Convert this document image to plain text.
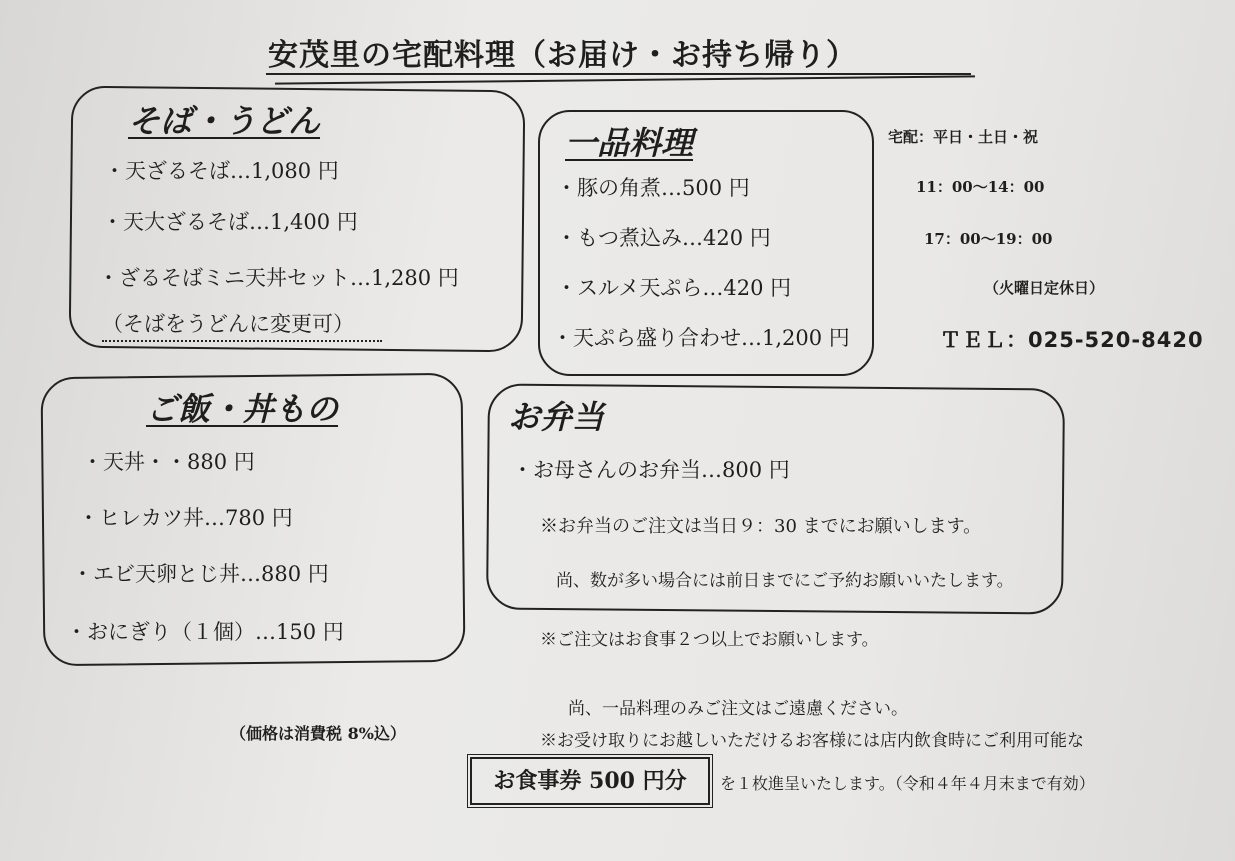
安茂里の宅配料理（お届け・お持ち帰り）
そば・うどん
・天ざるそば…1,080 円
・天大ざるそば…1,400 円
・ざるそばミニ天丼セット…1,280 円
（そばをうどんに変更可）
一品料理
・豚の角煮…500 円
・もつ煮込み…420 円
・スルメ天ぷら…420 円
・天ぷら盛り合わせ…1,200 円
宅配：平日・土日・祝
11：00〜14：00
17：00〜19：00
（火曜日定休日）
ＴＥＬ：025-520-8420
ご飯・丼もの
・天丼・・880 円
・ヒレカツ丼…780 円
・エビ天卵とじ丼…880 円
・おにぎり（１個）…150 円
お弁当
・お母さんのお弁当…800 円
※お弁当のご注文は当日９：30 までにお願いします。
尚、数が多い場合には前日までにご予約お願いいたします。
※ご注文はお食事２つ以上でお願いします。
尚、一品料理のみご注文はご遠慮ください。
（価格は消費税 8%込）	※お受け取りにお越しいただけるお客様には店内飲食時にご利用可能な
お食事券 500 円分	を１枚進呈いたします。（令和４年４月末まで有効）
